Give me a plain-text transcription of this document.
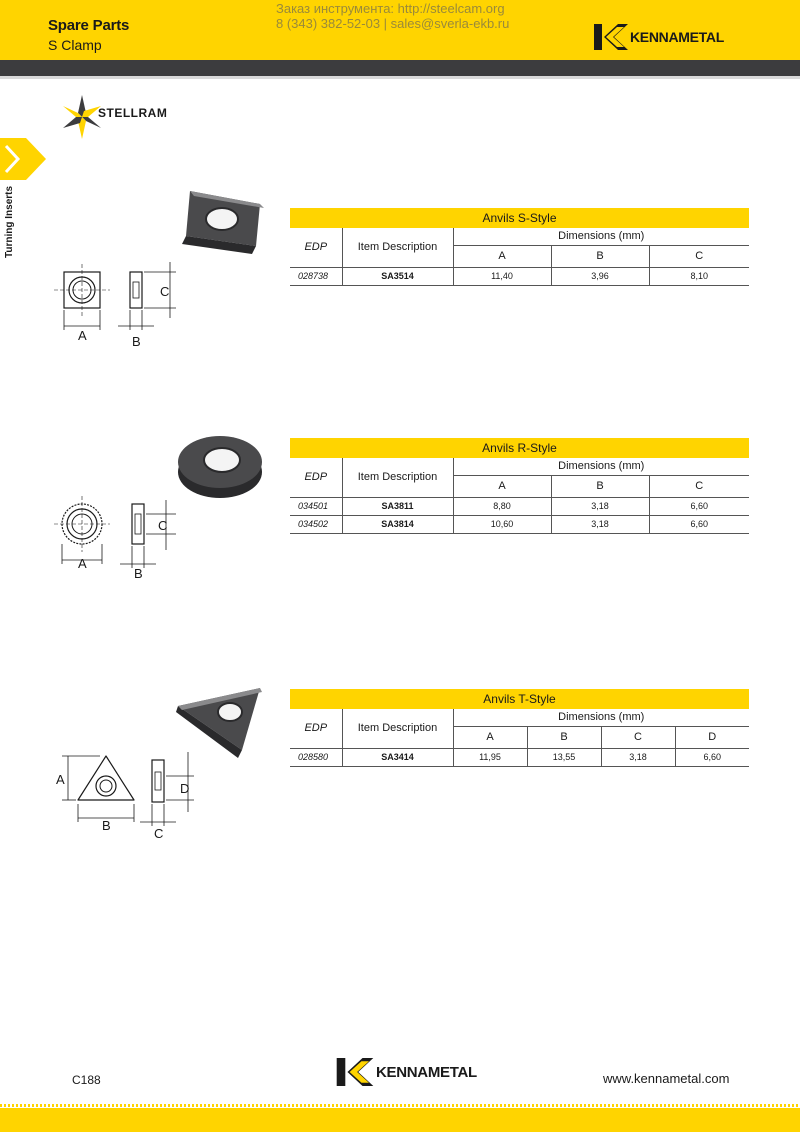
Spare Parts
S Clamp
Заказ инструмента: http://steelcam.org
8 (343) 382-52-03 | sales@sverla-ekb.ru
KENNAMETAL
STELLRAM
Turning Inserts
A	B
C
Anvils S-Style				
EDP	Item Description	Dimensions (mm)		
		A	B	C
028738	SA3514	11,40	3,96	8,10
A
B
C
Anvils R-Style				
EDP	Item Description	Dimensions (mm)		
		A	B	C
034501	SA3811	8,80	3,18	6,60
034502	SA3814	10,60	3,18	6,60
A
B
C
D
Anvils T-Style					
EDP	Item Description	Dimensions (mm)			
		A	B	C	D
028580	SA3414	11,95	13,55	3,18	6,60
C188	KENNAMETAL	www.kennametal.com
